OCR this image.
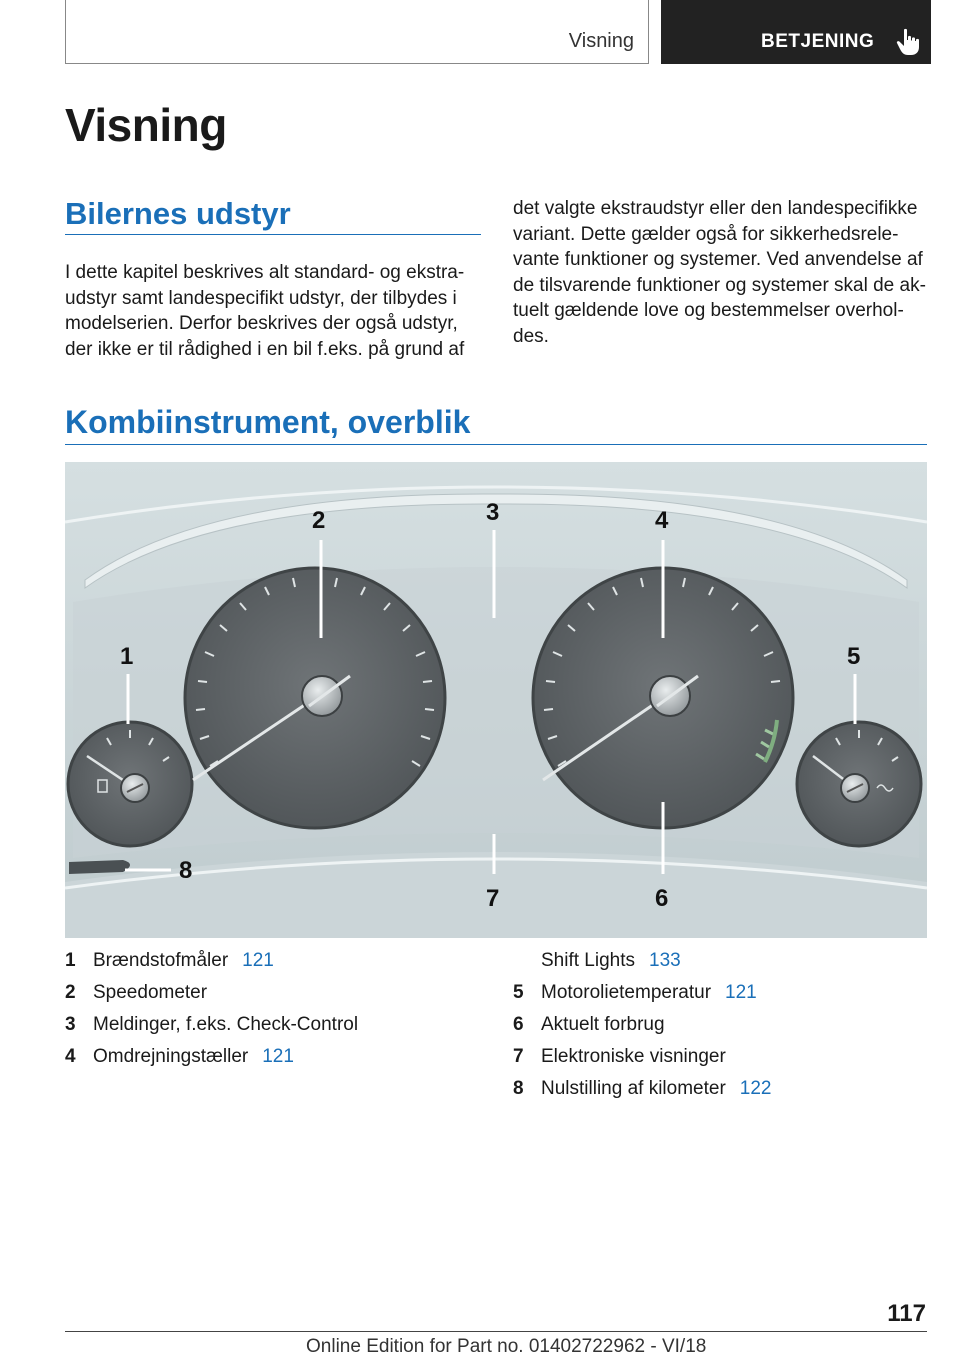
Visning	BETJENING
Visning
Bilernes udstyr

I dette kapitel beskrives alt standard- og ekstra-
udstyr samt landespecifikt udstyr, der tilbydes i
modelserien. Derfor beskrives der også udstyr,
der ikke er til rådighed i en bil f.eks. på grund af

det valgte ekstraudstyr eller den landespecifikke
variant. Dette gælder også for sikkerhedsrele-
vante funktioner og systemer. Ved anvendelse af
de tilsvarende funktioner og systemer skal de ak-
tuelt gældende love og bestemmelser overhol-
des.

Kombiinstrument, overblik
1
2	3	4
5
6
7
8
1 Brændstofmåler 121
2 Speedometer
3 Meldinger, f.eks. Check-Control
4 Omdrejningstæller 121
Shift Lights 133
5 Motorolietemperatur 121
6 Aktuelt forbrug
7 Elektroniske visninger
8 Nulstilling af kilometer 122
117
Online Edition for Part no. 01402722962 - VI/18
